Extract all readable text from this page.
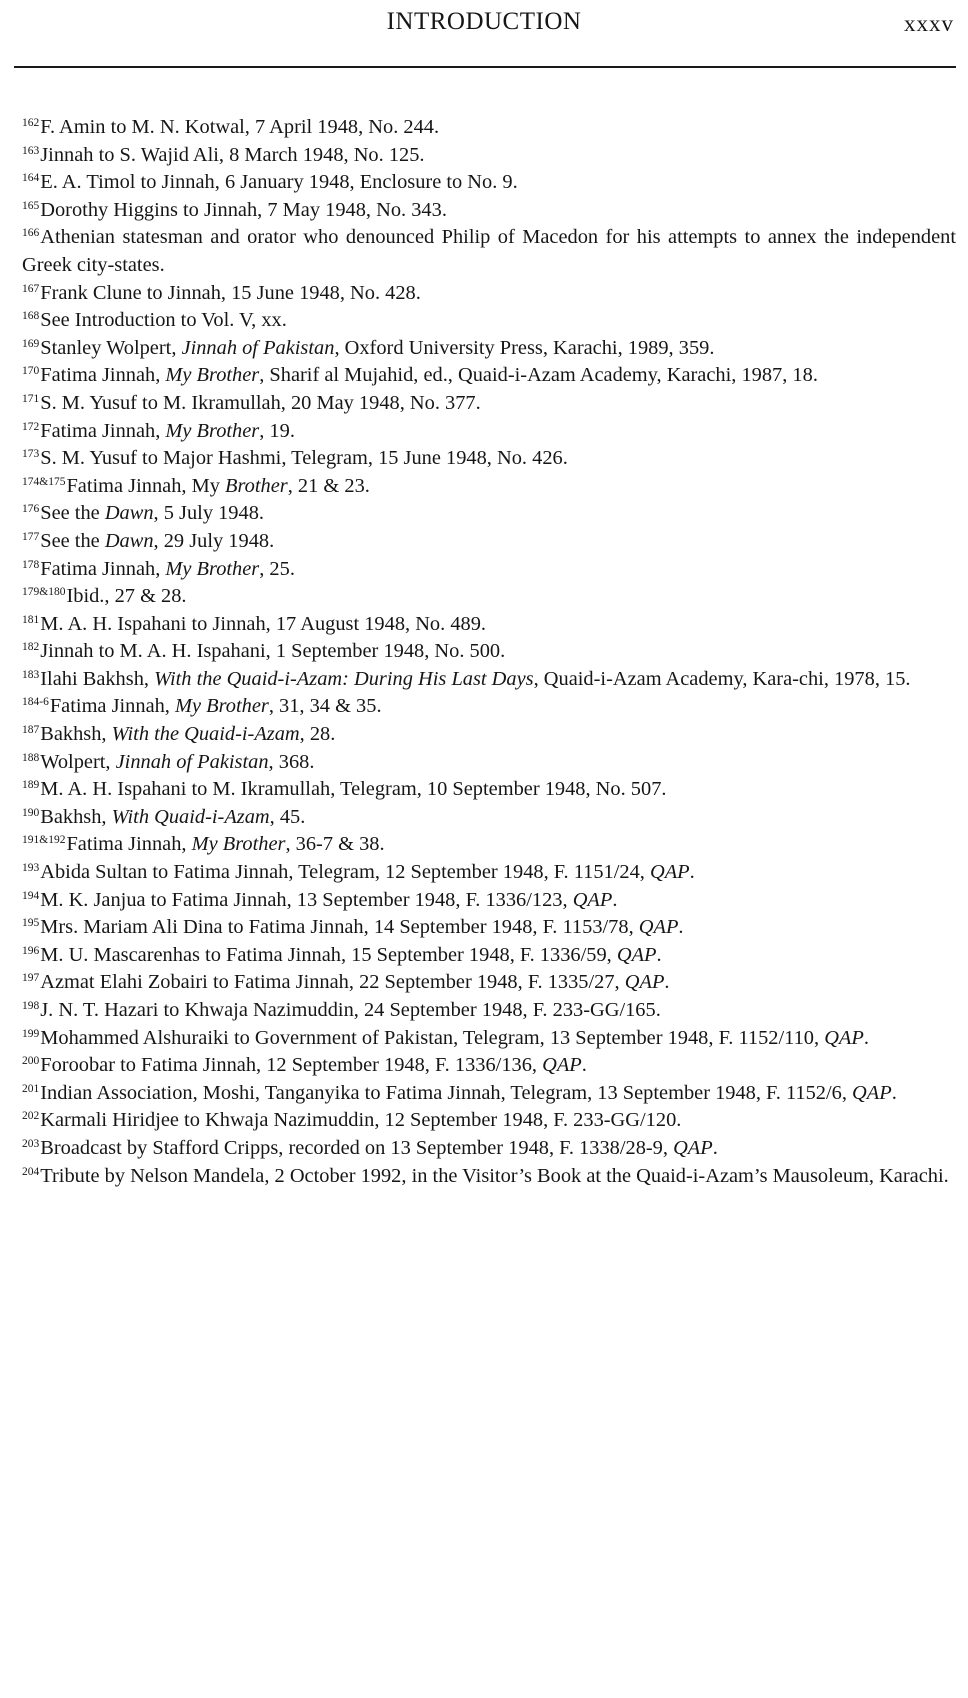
INTRODUCTION	xxxv
$^{162}$F. Amin to M. N. Kotwal, 7 April 1948, No. 244.
$^{163}$Jinnah to S. Wajid Ali, 8 March 1948, No. 125.
$^{164}$E. A. Timol to Jinnah, 6 January 1948, Enclosure to No. 9.
$^{165}$Dorothy Higgins to Jinnah, 7 May 1948, No. 343.
$^{166}$Athenian statesman and orator who denounced Philip of Macedon for his attempts to annex the independent Greek city-states.
$^{167}$Frank Clune to Jinnah, 15 June 1948, No. 428.
$^{168}$See Introduction to Vol. V, xx.
$^{169}$Stanley Wolpert, Jinnah of Pakistan, Oxford University Press, Karachi, 1989, 359.
$^{170}$Fatima Jinnah, My Brother, Sharif al Mujahid, ed., Quaid-i-Azam Academy, Karachi, 1987, 18.
$^{171}$S. M. Yusuf to M. Ikramullah, 20 May 1948, No. 377.
$^{172}$Fatima Jinnah, My Brother, 19.
$^{173}$S. M. Yusuf to Major Hashmi, Telegram, 15 June 1948, No. 426.
$^{174\&175}$Fatima Jinnah, My Brother, 21 & 23.
$^{176}$See the Dawn, 5 July 1948.
$^{177}$See the Dawn, 29 July 1948.
$^{178}$Fatima Jinnah, My Brother, 25.
$^{179\&180}$Ibid., 27 & 28.
$^{181}$M. A. H. Ispahani to Jinnah, 17 August 1948, No. 489.
$^{182}$Jinnah to M. A. H. Ispahani, 1 September 1948, No. 500.
$^{183}$Ilahi Bakhsh, With the Quaid-i-Azam: During His Last Days, Quaid-i-Azam Academy, Kara-chi, 1978, 15.
$^{184-6}$Fatima Jinnah, My Brother, 31, 34 & 35.
$^{187}$Bakhsh, With the Quaid-i-Azam, 28.
$^{188}$Wolpert, Jinnah of Pakistan, 368.
$^{189}$M. A. H. Ispahani to M. Ikramullah, Telegram, 10 September 1948, No. 507.
$^{190}$Bakhsh, With Quaid-i-Azam, 45.
$^{191\&192}$Fatima Jinnah, My Brother, 36-7 & 38.
$^{193}$Abida Sultan to Fatima Jinnah, Telegram, 12 September 1948, F. 1151/24, QAP.
$^{194}$M. K. Janjua to Fatima Jinnah, 13 September 1948, F. 1336/123, QAP.
$^{195}$Mrs. Mariam Ali Dina to Fatima Jinnah, 14 September 1948, F. 1153/78, QAP.
$^{196}$M. U. Mascarenhas to Fatima Jinnah, 15 September 1948, F. 1336/59, QAP.
$^{197}$Azmat Elahi Zobairi to Fatima Jinnah, 22 September 1948, F. 1335/27, QAP.
$^{198}$J. N. T. Hazari to Khwaja Nazimuddin, 24 September 1948, F. 233-GG/165.
$^{199}$Mohammed Alshuraiki to Government of Pakistan, Telegram, 13 September 1948, F. 1152/110, QAP.
$^{200}$Foroobar to Fatima Jinnah, 12 September 1948, F. 1336/136, QAP.
$^{201}$Indian Association, Moshi, Tanganyika to Fatima Jinnah, Telegram, 13 September 1948, F. 1152/6, QAP.
$^{202}$Karmali Hiridjee to Khwaja Nazimuddin, 12 September 1948, F. 233-GG/120.
$^{203}$Broadcast by Stafford Cripps, recorded on 13 September 1948, F. 1338/28-9, QAP.
$^{204}$Tribute by Nelson Mandela, 2 October 1992, in the Visitor’s Book at the Quaid-i-Azam’s Mausoleum, Karachi.
